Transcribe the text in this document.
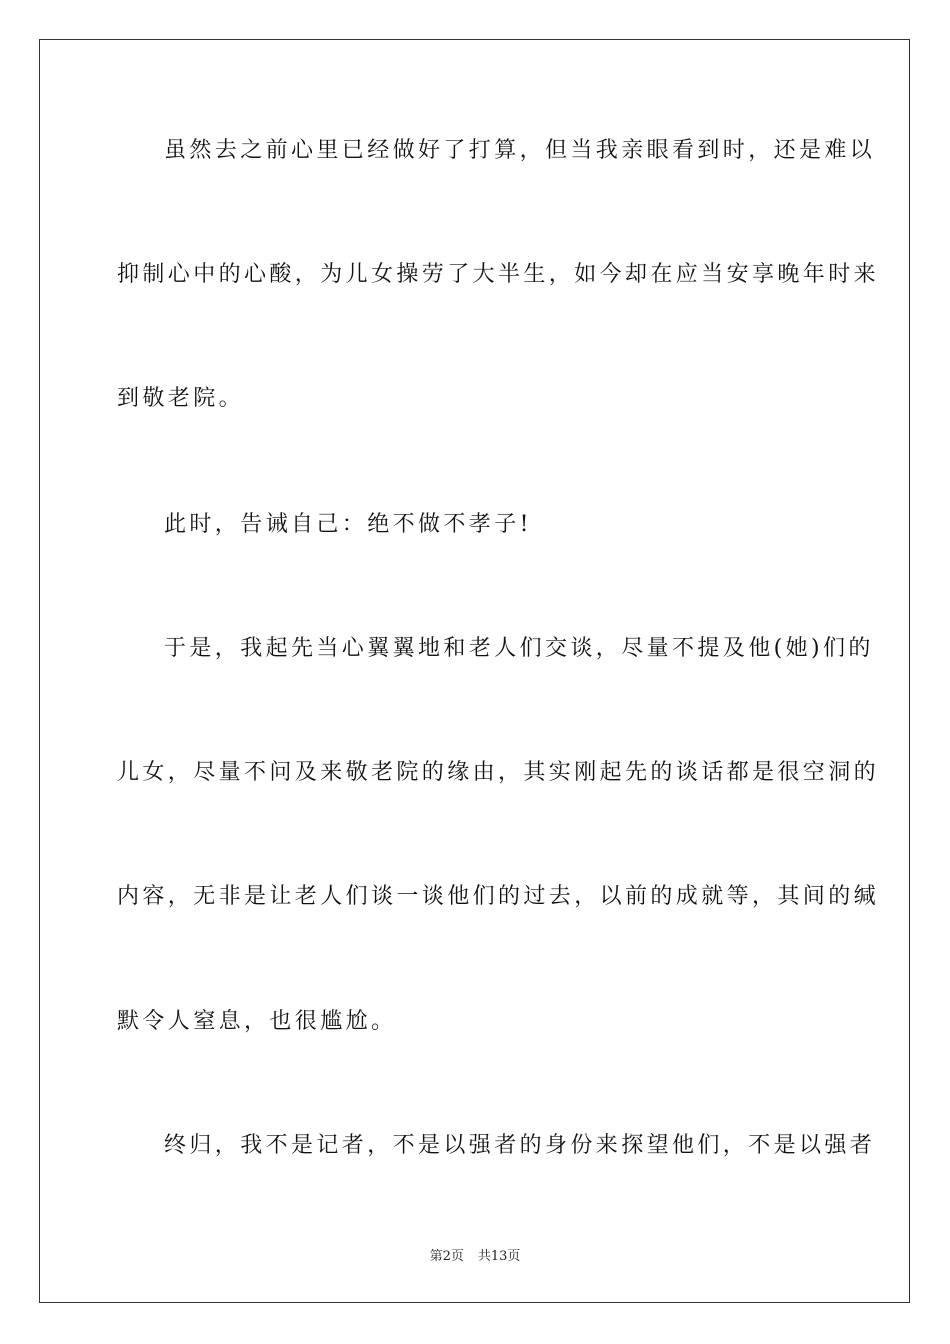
虽然去之前心里已经做好了打算，但当我亲眼看到时，还是难以
抑制心中的心酸，为儿女操劳了大半生，如今却在应当安享晚年时来
到敬老院。
此时，告诫自己：绝不做不孝子!
于是，我起先当心翼翼地和老人们交谈，尽量不提及他(她)们的
儿女，尽量不问及来敬老院的缘由，其实刚起先的谈话都是很空洞的
内容，无非是让老人们谈一谈他们的过去，以前的成就等，其间的缄
默令人窒息，也很尴尬。
终归，我不是记者，不是以强者的身份来探望他们，不是以强者
第2页 共13页
